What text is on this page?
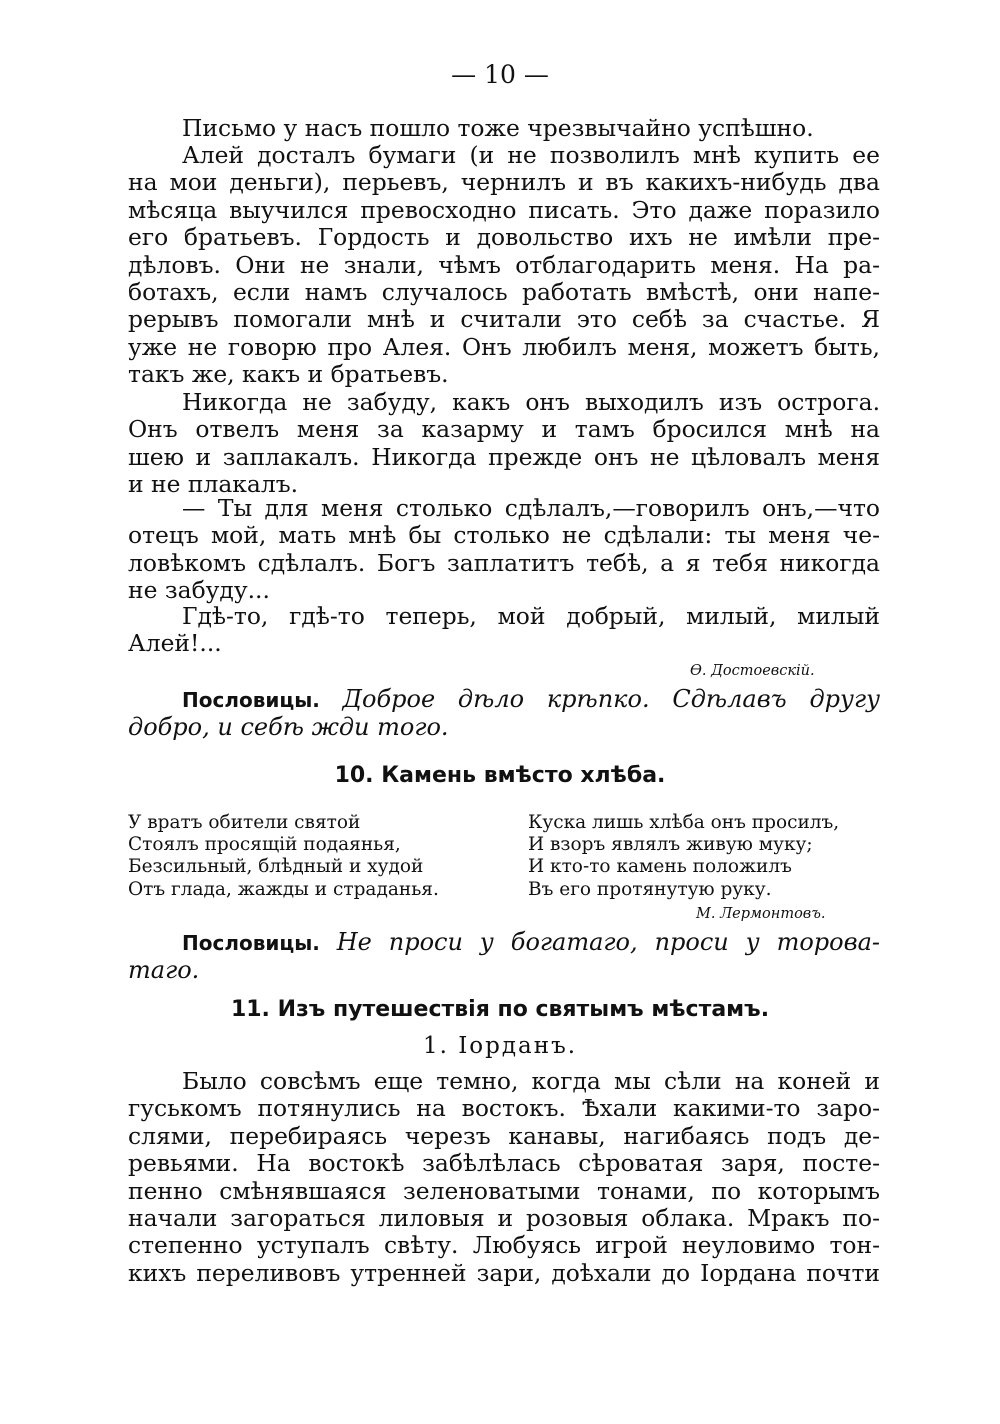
— 10 —

Письмо у насъ пошло тоже чрезвычайно успѣшно.

Алей досталъ бумаги (и не позволилъ мнѣ купить ее
на мои деньги), перьевъ, чернилъ и въ какихъ-нибудь два
мѣсяца выучился превосходно писать. Это даже поразило
его братьевъ. Гордость и довольство ихъ не имѣли пре-
дѣловъ. Они не знали, чѣмъ отблагодарить меня. На ра-
ботахъ, если намъ случалось работать вмѣстѣ, они напе-
рерывъ помогали мнѣ и считали это себѣ за счастье. Я
уже не говорю про Алея. Онъ любилъ меня, можетъ быть,
такъ же, какъ и братьевъ.

Никогда не забуду, какъ онъ выходилъ изъ острога.
Онъ отвелъ меня за казарму и тамъ бросился мнѣ на
шею и заплакалъ. Никогда прежде онъ не цѣловалъ меня
и не плакалъ.

— Ты для меня столько сдѣлалъ,—говорилъ онъ,—что
отецъ мой, мать мнѣ бы столько не сдѣлали: ты меня че-
ловѣкомъ сдѣлалъ. Богъ заплатитъ тебѣ, а я тебя никогда
не забуду...

Гдѣ-то, гдѣ-то теперь, мой добрый, милый, милый
Алей!...

Ѳ. Достоевскій.

Пословицы. Доброе дѣло крѣпко. Сдѣлавъ другу
добро, и себѣ жди того.

10. Камень вмѣсто хлѣба.
У вратъ обители святой
Стоялъ просящій подаянья,
Безсильный, блѣдный и худой
Отъ глада, жажды и страданья.
Куска лишь хлѣба онъ просилъ,
И взоръ являлъ живую муку;
И кто-то камень положилъ
Въ его протянутую руку.
М. Лермонтовъ.

Пословицы. Не проси у богатаго, проси у торова-
таго.

11. Изъ путешествія по святымъ мѣстамъ.
1. Іорданъ.

Было совсѣмъ еще темно, когда мы сѣли на коней и
гуськомъ потянулись на востокъ. Ѣхали какими-то заро-
слями, перебираясь черезъ канавы, нагибаясь подъ де-
ревьями. На востокѣ забѣлѣлась сѣроватая заря, посте-
пенно смѣнявшаяся зеленоватыми тонами, по которымъ
начали загораться лиловыя и розовыя облака. Мракъ по-
степенно уступалъ свѣту. Любуясь игрой неуловимо тон-
кихъ переливовъ утренней зари, доѣхали до Іордана почти
